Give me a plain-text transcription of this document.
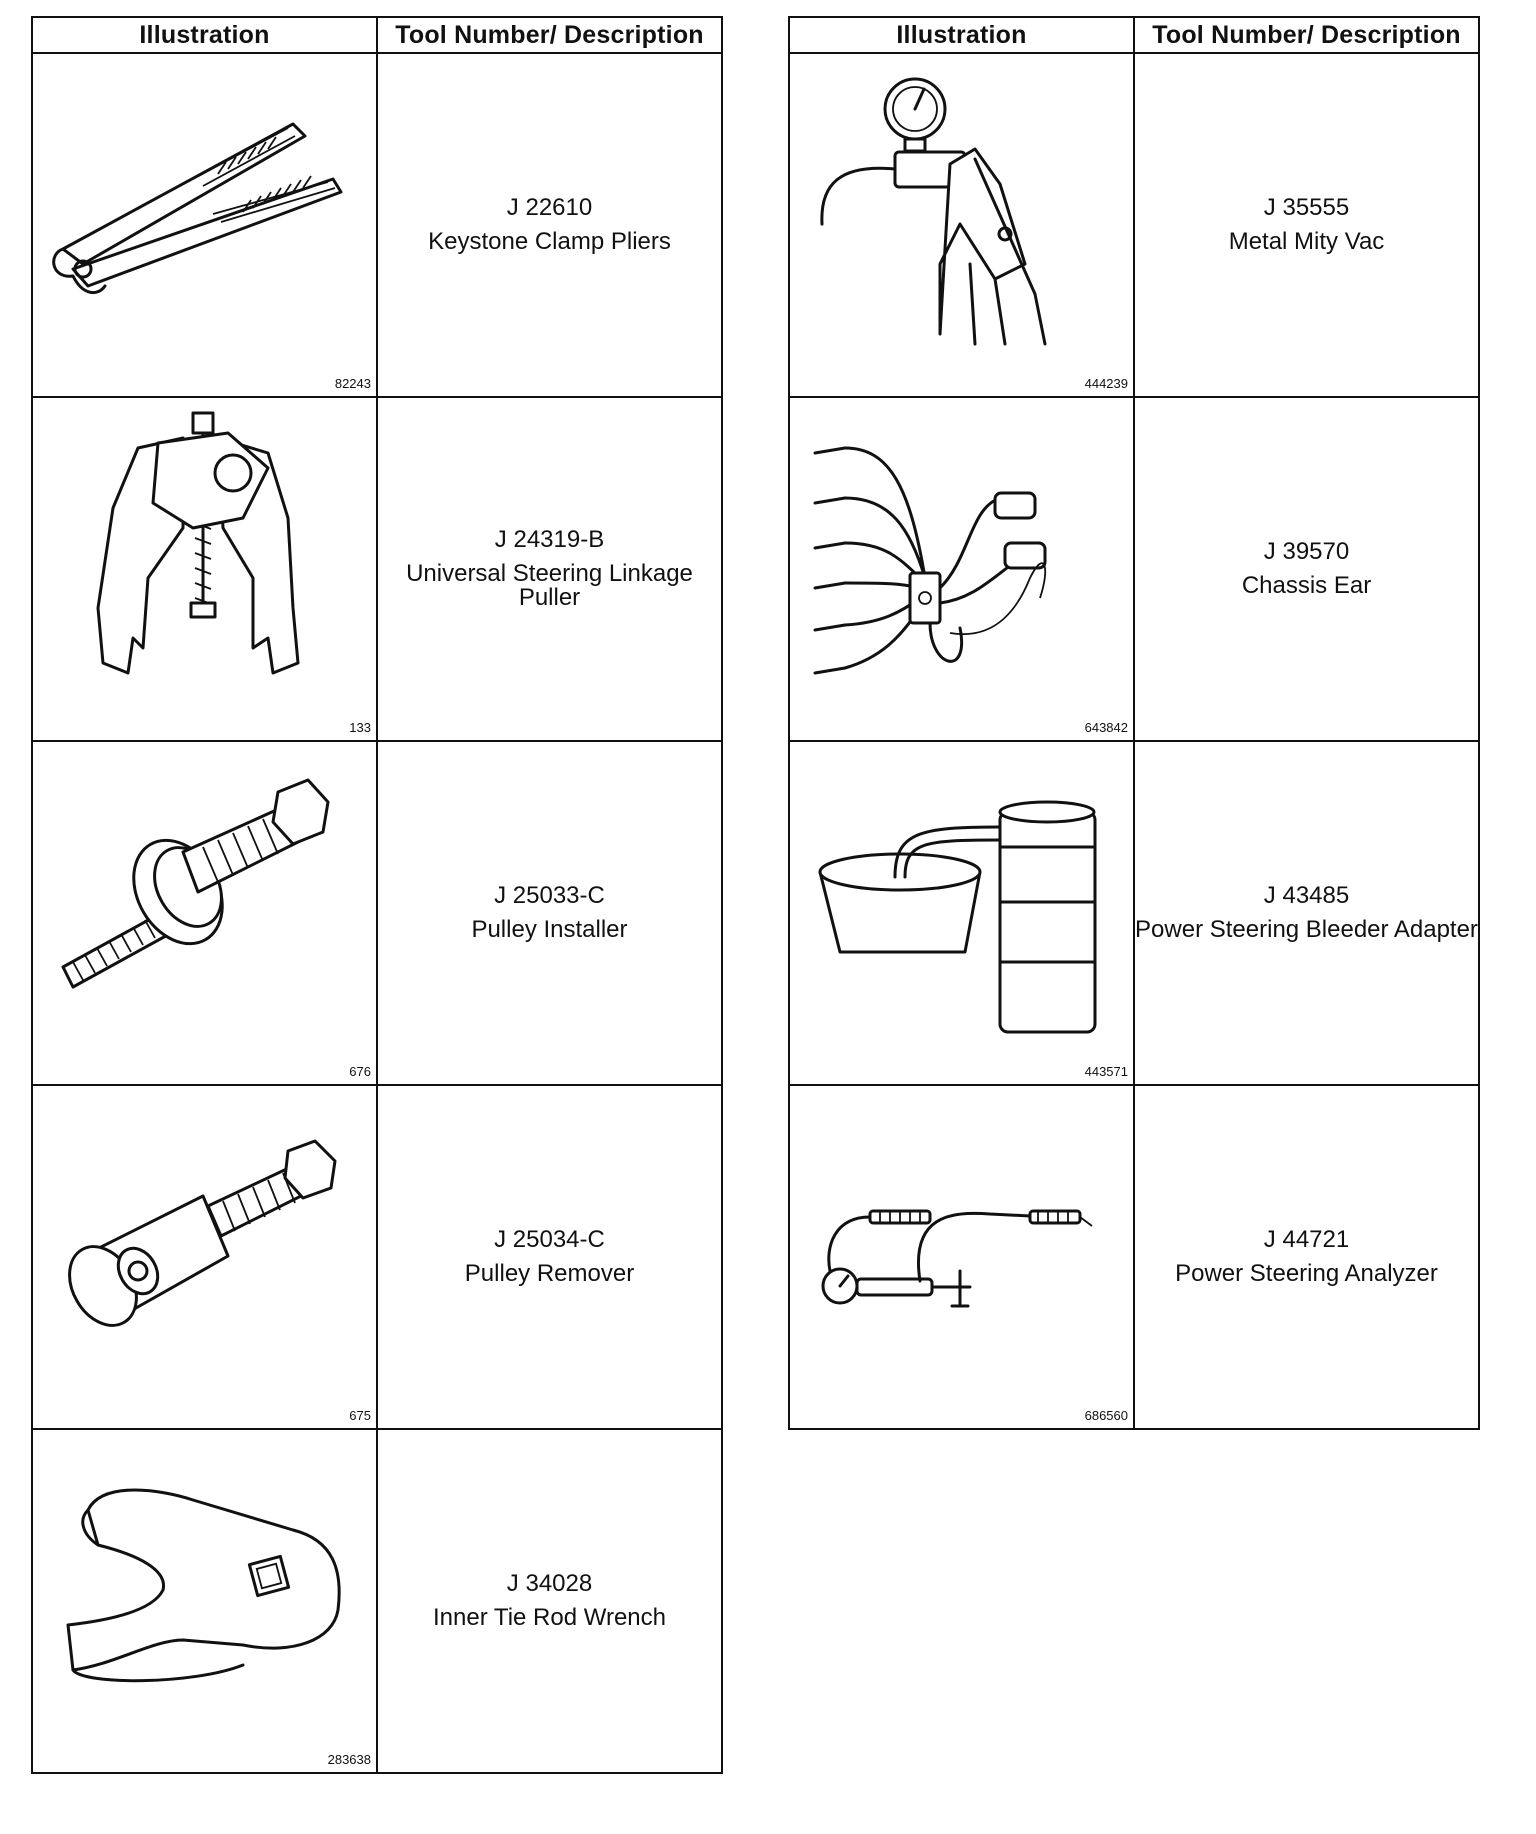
Illustration	Tool Number/ Description

82243	J 22610
Keystone Clamp Pliers

133	J 24319-B
Universal Steering Linkage Puller

676	J 25033-C
Pulley Installer

675	J 25034-C
Pulley Remover

283638	J 34028
Inner Tie Rod Wrench
Illustration	Tool Number/ Description

444239	J 35555
Metal Mity Vac

643842	J 39570
Chassis Ear

443571	J 43485
Power Steering Bleeder Adapter

686560	J 44721
Power Steering Analyzer
